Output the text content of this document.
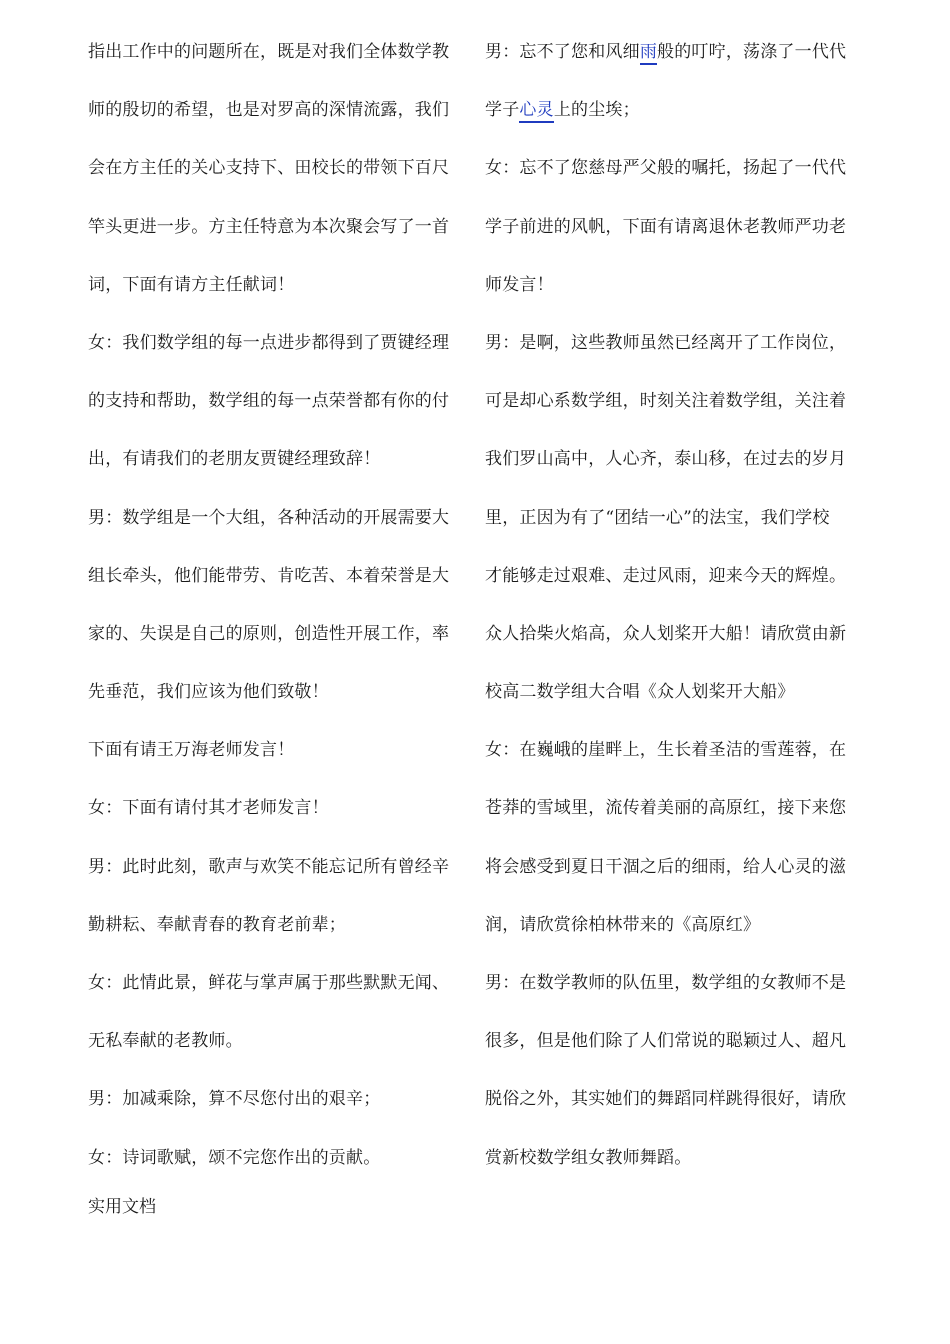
指出工作中的问题所在，既是对我们全体数学教
师的殷切的希望，也是对罗高的深情流露，我们
会在方主任的关心支持下、田校长的带领下百尺
竿头更进一步。方主任特意为本次聚会写了一首
词，下面有请方主任献词！
女：我们数学组的每一点进步都得到了贾键经理
的支持和帮助，数学组的每一点荣誉都有你的付
出，有请我们的老朋友贾键经理致辞！
男：数学组是一个大组，各种活动的开展需要大
组长牵头，他们能带劳、肯吃苦、本着荣誉是大
家的、失误是自己的原则，创造性开展工作，率
先垂范，我们应该为他们致敬！
下面有请王万海老师发言！
女：下面有请付其才老师发言！
男：此时此刻，歌声与欢笑不能忘记所有曾经辛
勤耕耘、奉献青春的教育老前辈；
女：此情此景，鲜花与掌声属于那些默默无闻、
无私奉献的老教师。
男：加减乘除，算不尽您付出的艰辛；
女：诗词歌赋，颂不完您作出的贡献。
男：忘不了您和风细雨般的叮咛，荡涤了一代代
学子心灵上的尘埃；
女：忘不了您慈母严父般的嘱托，扬起了一代代
学子前进的风帆，下面有请离退休老教师严功老
师发言！
男：是啊，这些教师虽然已经离开了工作岗位，
可是却心系数学组，时刻关注着数学组，关注着
我们罗山高中，人心齐，泰山移，在过去的岁月
里，正因为有了“团结一心”的法宝，我们学校
才能够走过艰难、走过风雨，迎来今天的辉煌。
众人拾柴火焰高，众人划桨开大船！请欣赏由新
校高二数学组大合唱《众人划桨开大船》
女：在巍峨的崖畔上，生长着圣洁的雪莲蓉，在
苍莽的雪域里，流传着美丽的高原红，接下来您
将会感受到夏日干涸之后的细雨，给人心灵的滋
润，请欣赏徐柏林带来的《高原红》
男：在数学教师的队伍里，数学组的女教师不是
很多，但是他们除了人们常说的聪颖过人、超凡
脱俗之外，其实她们的舞蹈同样跳得很好，请欣
赏新校数学组女教师舞蹈。
实用文档
